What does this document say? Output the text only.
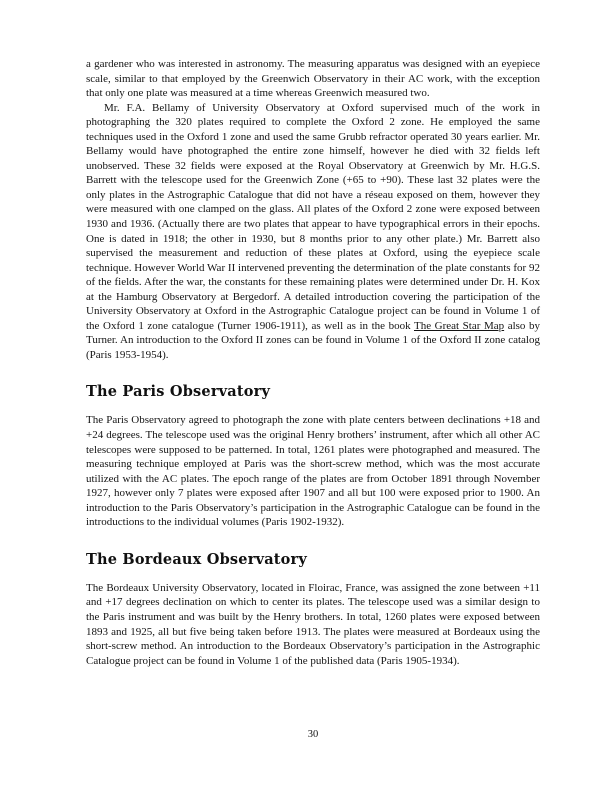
a gardener who was interested in astronomy. The measuring apparatus was designed with an eyepiece scale, similar to that employed by the Greenwich Observatory in their AC work, with the exception that only one plate was measured at a time whereas Greenwich measured two.

Mr. F.A. Bellamy of University Observatory at Oxford supervised much of the work in photographing the 320 plates required to complete the Oxford 2 zone. He employed the same techniques used in the Oxford 1 zone and used the same Grubb refractor operated 30 years earlier. Mr. Bellamy would have photographed the entire zone himself, however he died with 32 fields left unobserved. These 32 fields were exposed at the Royal Observatory at Greenwich by Mr. H.G.S. Barrett with the telescope used for the Greenwich Zone (+65 to +90). These last 32 plates were the only plates in the Astrographic Catalogue that did not have a réseau exposed on them, however they were measured with one clamped on the glass. All plates of the Oxford 2 zone were exposed between 1930 and 1936. (Actually there are two plates that appear to have typographical errors in their epochs. One is dated in 1918; the other in 1930, but 8 months prior to any other plate.) Mr. Barrett also supervised the measurement and reduction of these plates at Oxford, using the eyepiece scale technique. However World War II intervened preventing the determination of the plate constants for 92 of the fields. After the war, the constants for these remaining plates were determined under Dr. H. Kox at the Hamburg Observatory at Bergedorf. A detailed introduction covering the participation of the University Observatory at Oxford in the Astrographic Catalogue project can be found in Volume 1 of the Oxford 1 zone catalogue (Turner 1906-1911), as well as in the book The Great Star Map also by Turner. An introduction to the Oxford II zones can be found in Volume 1 of the Oxford II zone catalog (Paris 1953-1954).

The Paris Observatory

The Paris Observatory agreed to photograph the zone with plate centers between declinations +18 and +24 degrees. The telescope used was the original Henry brothers’ instrument, after which all other AC telescopes were supposed to be patterned. In total, 1261 plates were photographed and measured. The measuring technique employed at Paris was the short-screw method, which was the most accurate utilized with the AC plates. The epoch range of the plates are from October 1891 through November 1927, however only 7 plates were exposed after 1907 and all but 100 were exposed prior to 1900. An introduction to the Paris Observatory’s participation in the Astrographic Catalogue can be found in the introductions to the individual volumes (Paris 1902-1932).

The Bordeaux Observatory

The Bordeaux University Observatory, located in Floirac, France, was assigned the zone between +11 and +17 degrees declination on which to center its plates. The telescope used was a similar design to the Paris instrument and was built by the Henry brothers. In total, 1260 plates were exposed between 1893 and 1925, all but five being taken before 1913. The plates were measured at Bordeaux using the short-screw method. An introduction to the Bordeaux Observatory’s participation in the Astrographic Catalogue project can be found in Volume 1 of the published data (Paris 1905-1934).

30
